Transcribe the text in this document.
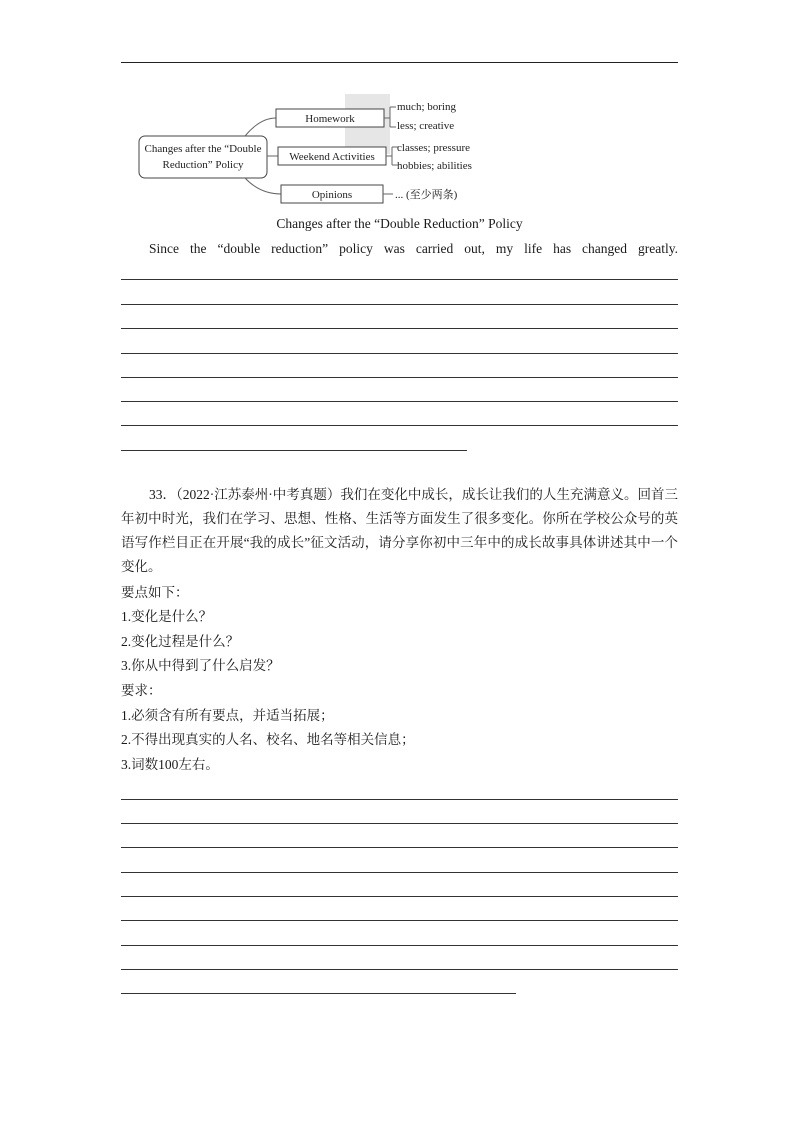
Changes after the “Double
Reduction” Policy
Homework
Weekend Activities
Opinions
much; boring
less; creative
classes; pressure
hobbies; abilities
... (至少两条)
Changes after the “Double Reduction” Policy
Since the “double reduction” policy was carried out, my life has changed greatly.
33．（2022·江苏泰州·中考真题）我们在变化中成长，成长让我们的人生充满意义。回首三年初中时光，我们在学习、思想、性格、生活等方面发生了很多变化。你所在学校公众号的英语写作栏目正在开展“我的成长”征文活动，请分享你初中三年中的成长故事具体讲述其中一个变化。
要点如下：
1.变化是什么？
2.变化过程是什么？
3.你从中得到了什么启发？
要求：
1.必须含有所有要点，并适当拓展；
2.不得出现真实的人名、校名、地名等相关信息；
3.词数100左右。
